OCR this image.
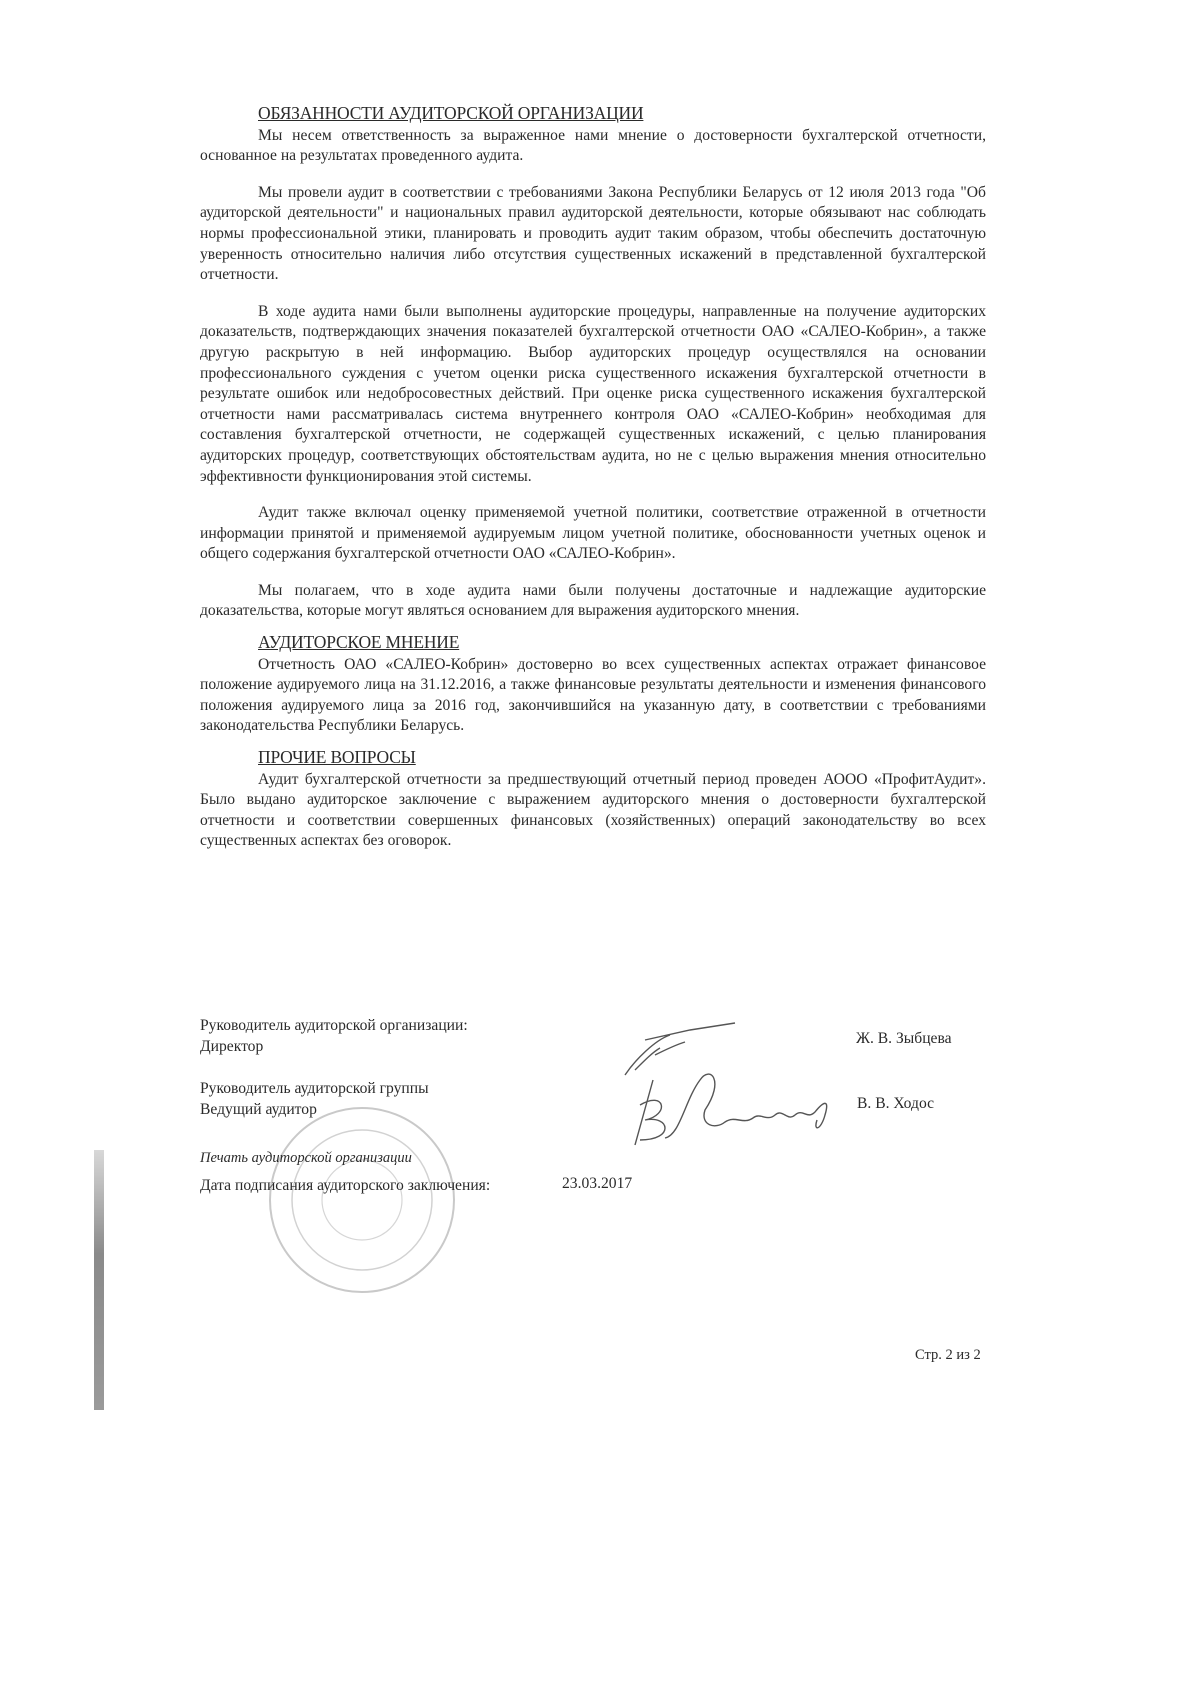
ОБЯЗАННОСТИ АУДИТОРСКОЙ ОРГАНИЗАЦИИ

Мы несем ответственность за выраженное нами мнение о достоверности бухгалтерской отчетности, основанное на результатах проведенного аудита.

Мы провели аудит в соответствии с требованиями Закона Республики Беларусь от 12 июля 2013 года "Об аудиторской деятельности" и национальных правил аудиторской деятельности, которые обязывают нас соблюдать нормы профессиональной этики, планировать и проводить аудит таким образом, чтобы обеспечить достаточную уверенность относительно наличия либо отсутствия существенных искажений в представленной бухгалтерской отчетности.

В ходе аудита нами были выполнены аудиторские процедуры, направленные на получение аудиторских доказательств, подтверждающих значения показателей бухгалтерской отчетности ОАО «САЛЕО-Кобрин», а также другую раскрытую в ней информацию. Выбор аудиторских процедур осуществлялся на основании профессионального суждения с учетом оценки риска существенного искажения бухгалтерской отчетности в результате ошибок или недобросовестных действий. При оценке риска существенного искажения бухгалтерской отчетности нами рассматривалась система внутреннего контроля ОАО «САЛЕО-Кобрин» необходимая для составления бухгалтерской отчетности, не содержащей существенных искажений, с целью планирования аудиторских процедур, соответствующих обстоятельствам аудита, но не с целью выражения мнения относительно эффективности функционирования этой системы.

Аудит также включал оценку применяемой учетной политики, соответствие отраженной в отчетности информации принятой и применяемой аудируемым лицом учетной политике, обоснованности учетных оценок и общего содержания бухгалтерской отчетности ОАО «САЛЕО-Кобрин».

Мы полагаем, что в ходе аудита нами были получены достаточные и надлежащие аудиторские доказательства, которые могут являться основанием для выражения аудиторского мнения.

АУДИТОРСКОЕ МНЕНИЕ

Отчетность ОАО «САЛЕО-Кобрин» достоверно во всех существенных аспектах отражает финансовое положение аудируемого лица на 31.12.2016, а также финансовые результаты деятельности и изменения финансового положения аудируемого лица за 2016 год, закончившийся на указанную дату, в соответствии с требованиями законодательства Республики Беларусь.

ПРОЧИЕ ВОПРОСЫ

Аудит бухгалтерской отчетности за предшествующий отчетный период проведен АООО «ПрофитАудит». Было выдано аудиторское заключение с выражением аудиторского мнения о достоверности бухгалтерской отчетности и соответствии совершенных финансовых (хозяйственных) операций законодательству во всех существенных аспектах без оговорок.

Руководитель аудиторской организации:
Директор	Ж. В. Зыбцева
Руководитель аудиторской группы
Ведущий аудитор	В. В. Ходос
Печать аудиторской организации
Дата подписания аудиторского заключения:	23.03.2017
Стр. 2 из 2
